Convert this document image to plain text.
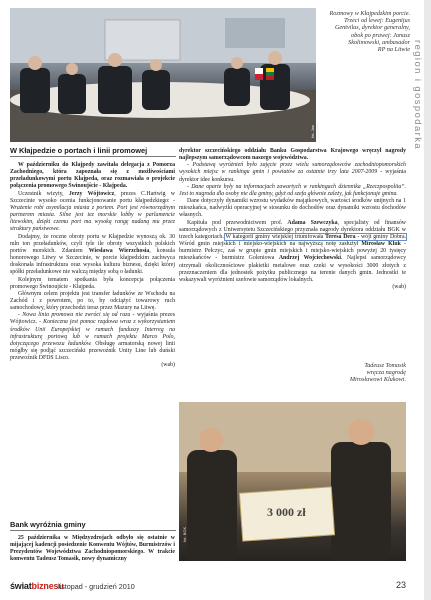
fot. Jan Kowalski
Rozmowy w Kłajpedzkim porcie.
Trzeci od lewej: Eugenijus
Gentvilas, dyrektor generalny,
obok po prawej: Janusz
Skolimowski, ambasador
RP na Litwie region i gospodarka
W Kłajpedzie o portach i linii promowej

W październiku do Kłajpedy zawitała delegacja z Pomorza Zachodniego, która zapoznała się z możliwościami przeładunkowymi portu Kłajpeda, oraz rozmawiała o projekcie połączenia promowego Świnoujście - Kłajpeda.

Uczestnik wizyty, Jerzy Wójtowicz, prezes C.Hartwig w Szczecinie wysoko ocenia funkcjonowanie portu kłajpedzkiego: - Wrażenie robi asymilacja miasta z portem. Port jest równorzędnym partnerem miasta. Silne jest tez morskie lobby w parlamencie litewskim, dzięki czemu port ma wysoką rangę nadaną mu przez struktury państwowe.

Dodajmy, że roczne obroty portu w Kłajpedzie wynoszą ok. 30 mln ton przeładunków, czyli tyle ile obroty wszystkich polskich portów morskich. Zdaniem Wiesława Wierzchosia, konsula honorowego Litwy w Szczecinie, w porcie kłajpedzkim zachwyca doskonała infrastruktura oraz wysoka kultura biznesu, dzięki której spółki przeładunkowe nie walczą między sobą o ładunki.

Kolejnym tematem spotkania była koncepcja połączenia promowego Świnoujście - Kłajpeda.

Głównym celem projektu jest transfer ładunków ze Wschodu na Zachód i z powrotem, po to, by odciążyć towarowy ruch samochodowy, który przechodzi teraz przez Mazury na Litwę.

- Nowa linia promowa nie zwróci się od razu - wyjaśnia prezes Wójtowicz. - Konieczna jest pomoc rządowa wraz z wykorzystaniem środków Unii Europejskiej w ramach funduszy Interreg na infrastrukturę portową lub w ramach projektu Marco Polo, dotyczącego przewozu ładunków. Obsługę armatorską nowej linii mógłby się podjąć szczeciński przewoźnik Unity Line lub duński przewoźnik DFDS Lisco.

(wab)
Bank wyróżnia gminy

25 października w Międzyzdrojach odbyło się ostatnie w mijającej kadencji posiedzenie Konwentu Wójtów, Burmistrzów i Prezydentów Województwa Zachodniopomorskiego. W trakcie konwentu Tadeusz Tomasik, nowy dynamiczny

dyrektor szczecińskiego oddziału Banku Gospodarstwa Krajowego wręczył nagrody najlepszym samorządowcom naszego województwa.

- Podstawą wyróżnień było zajęcie przez wielu samorządowców zachodniopomorskich wysokich miejsc w rankingu gmin i powiatów za ostatnie trzy lata 2007-2009 - wyjaśnia dyrektor idee konkursu.

- Dane oparte były na informacjach zawartych w rankingach dziennika „Rzeczpospolita”. Jest to nagroda dla osoby nie dla gminy, gdyż od szefa głównie zależy, jak funkcjonuje gmina.

Dane dotyczyły dynamiki wzrostu wydatków majątkowych, wartości środków unijnych na 1 mieszkańca, nadwyżki operacyjnej w stosunku do dochodów oraz dynamiki wzrostu dochodów własnych.

Kapituła pod przewodnictwem prof. Adama Szewczyka, specjalisty od finansów samorządowych z Uniwersytetu Szczecińskiego przyznała nagrody dyrektora oddziału BGK w trzech kategoriach. W kategorii gminy wiejskiej triumfowała Teresa Dera - wójt gminy Dobra. Wśród gmin miejskich i miejsko-wiejskich na najwyższą notę zasłużył Mirosław Kluk - burmistrz Pełczyc, zaś w grupie gmin miejskich i miejsko-wiejskich powyżej 20 tysięcy mieszkańców - burmistrz Goleniowa Andrzej Wojciechowski. Najlepsi samorządowcy otrzymali okolicznościowe plakietki metalowe oraz czeki w wysokości 3000 złotych z przeznaczeniem dla jednostek pożytku publicznego na terenie danych gmin. Jednostki te wskazywali wyróżnieni szefowie samorządów lokalnych.

(wab)
Tadeusz Tomasik
wręcza nagrodę
Mirosławowi Klukowi.
3 000 zł
fot. BGK
światbiznesu
listopad - grudzień 2010	23
